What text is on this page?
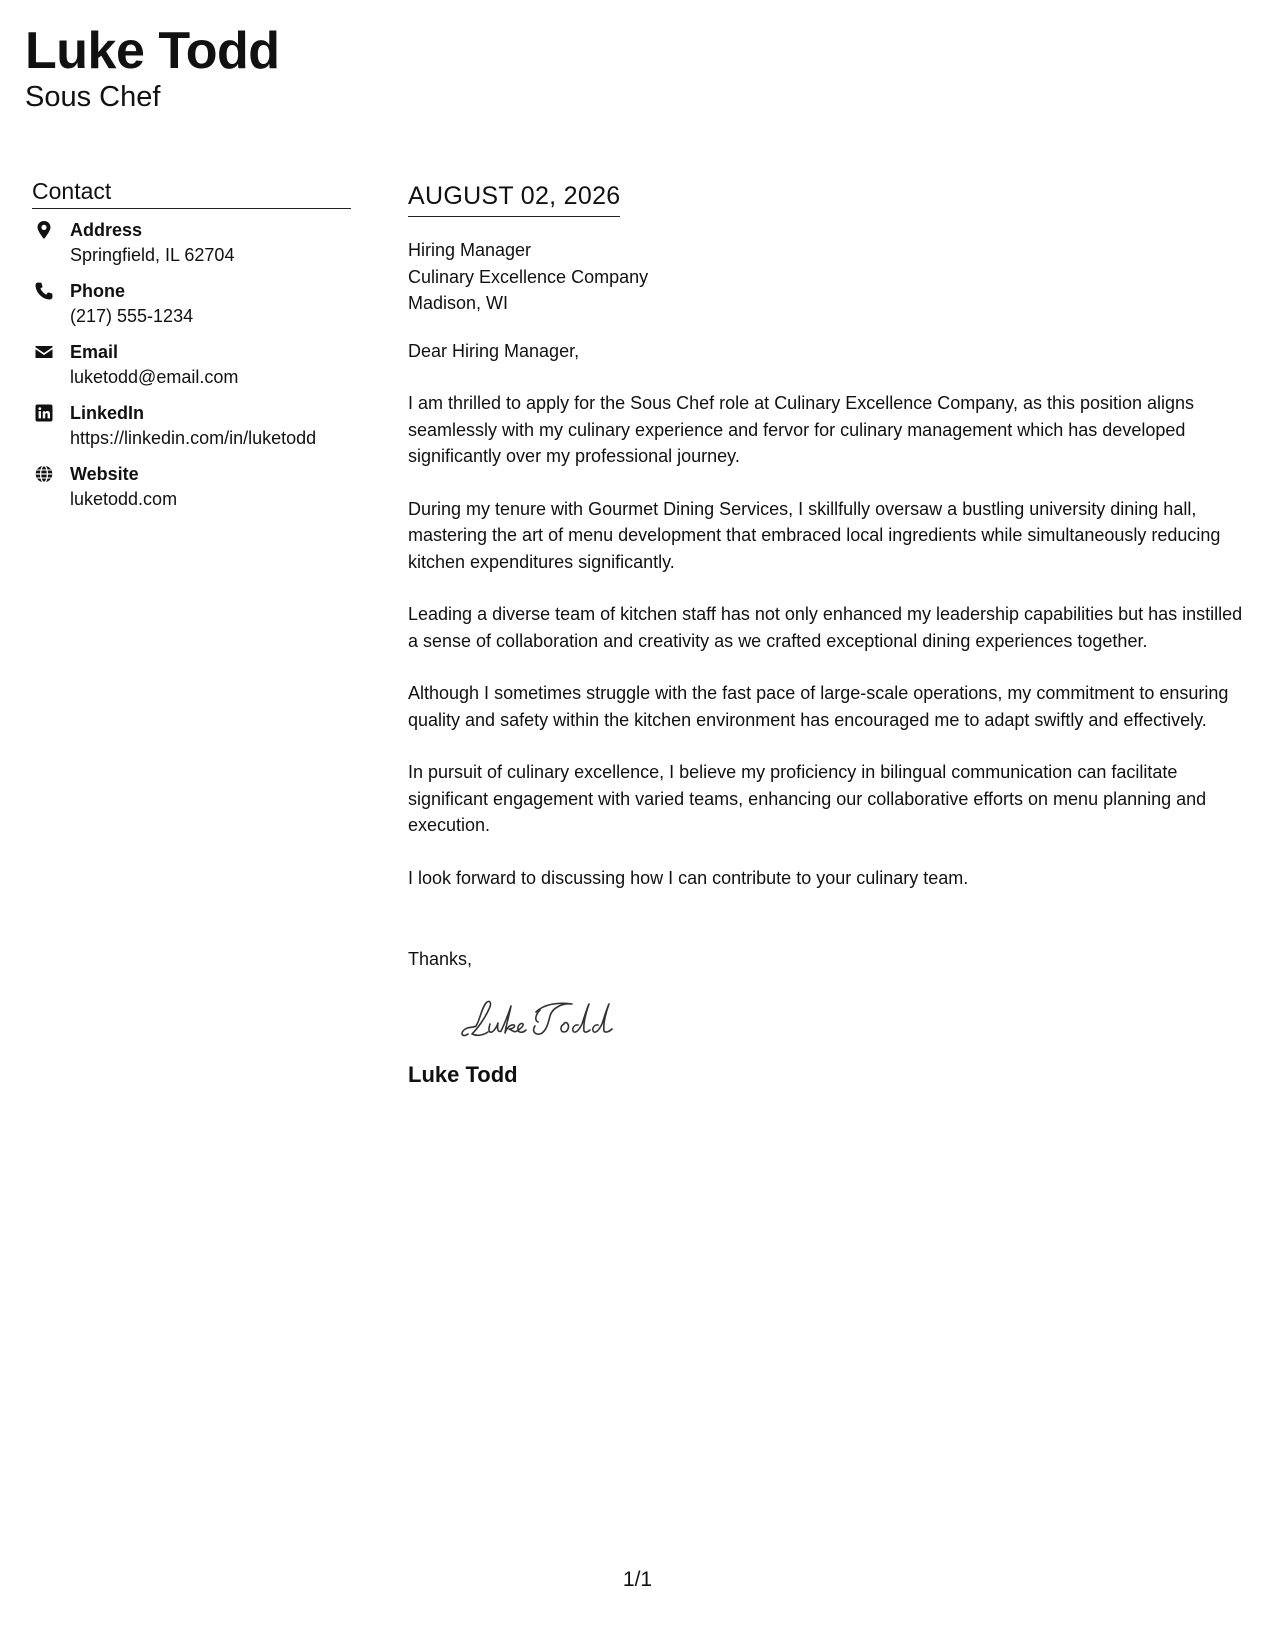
Luke Todd
Sous Chef
Contact
Address
Springfield, IL 62704
Phone
(217) 555-1234
Email
luketodd@email.com
LinkedIn
https://linkedin.com/in/luketodd
Website
luketodd.com
AUGUST 02, 2026
Hiring Manager
Culinary Excellence Company
Madison, WI
Dear Hiring Manager,
I am thrilled to apply for the Sous Chef role at Culinary Excellence Company, as this position aligns seamlessly with my culinary experience and fervor for culinary management which has developed significantly over my professional journey.
During my tenure with Gourmet Dining Services, I skillfully oversaw a bustling university dining hall, mastering the art of menu development that embraced local ingredients while simultaneously reducing kitchen expenditures significantly.
Leading a diverse team of kitchen staff has not only enhanced my leadership capabilities but has instilled a sense of collaboration and creativity as we crafted exceptional dining experiences together.
Although I sometimes struggle with the fast pace of large-scale operations, my commitment to ensuring quality and safety within the kitchen environment has encouraged me to adapt swiftly and effectively.
In pursuit of culinary excellence, I believe my proficiency in bilingual communication can facilitate significant engagement with varied teams, enhancing our collaborative efforts on menu planning and execution.
I look forward to discussing how I can contribute to your culinary team.
Thanks,
Luke Todd
1/1
